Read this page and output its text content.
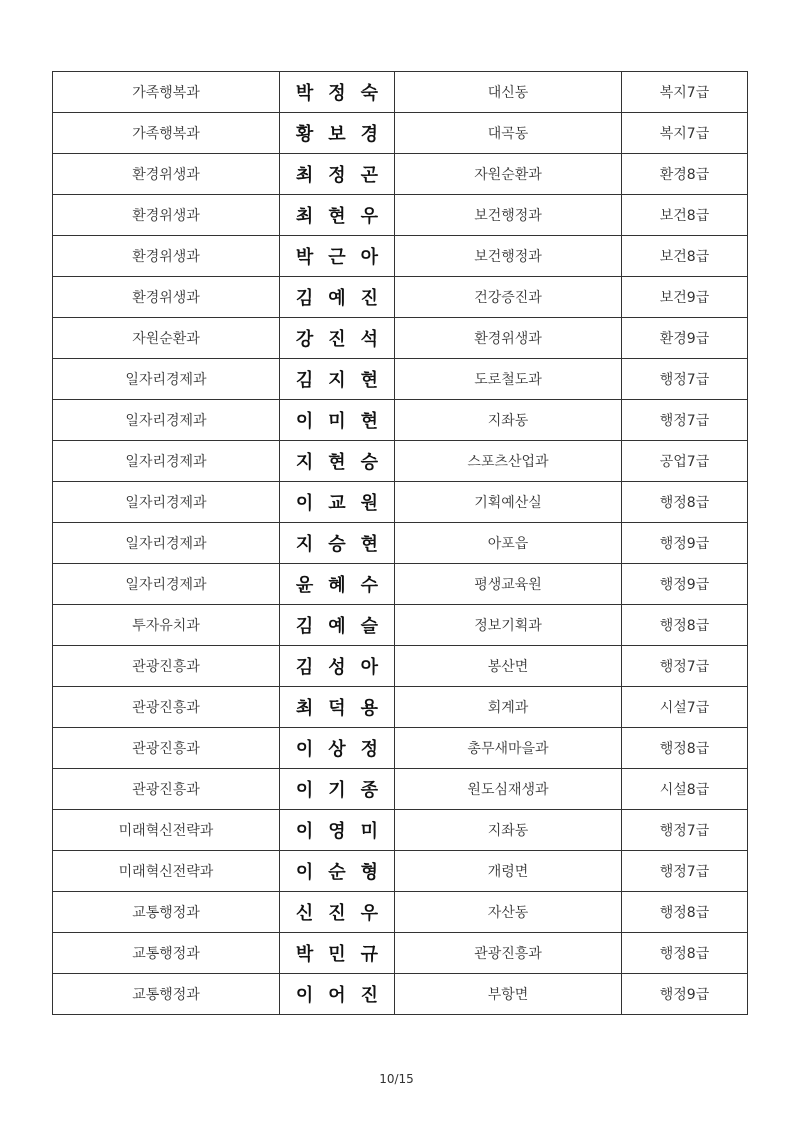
가족행복과	박정숙	대신동	복지7급
가족행복과	황보경	대곡동	복지7급
환경위생과	최정곤	자원순환과	환경8급
환경위생과	최현우	보건행정과	보건8급
환경위생과	박근아	보건행정과	보건8급
환경위생과	김예진	건강증진과	보건9급
자원순환과	강진석	환경위생과	환경9급
일자리경제과	김지현	도로철도과	행정7급
일자리경제과	이미현	지좌동	행정7급
일자리경제과	지현승	스포츠산업과	공업7급
일자리경제과	이교원	기획예산실	행정8급
일자리경제과	지승현	아포읍	행정9급
일자리경제과	윤혜수	평생교육원	행정9급
투자유치과	김예슬	정보기획과	행정8급
관광진흥과	김성아	봉산면	행정7급
관광진흥과	최덕용	회계과	시설7급
관광진흥과	이상정	총무새마을과	행정8급
관광진흥과	이기종	원도심재생과	시설8급
미래혁신전략과	이영미	지좌동	행정7급
미래혁신전략과	이순형	개령면	행정7급
교통행정과	신진우	자산동	행정8급
교통행정과	박민규	관광진흥과	행정8급
교통행정과	이어진	부항면	행정9급
10/15
